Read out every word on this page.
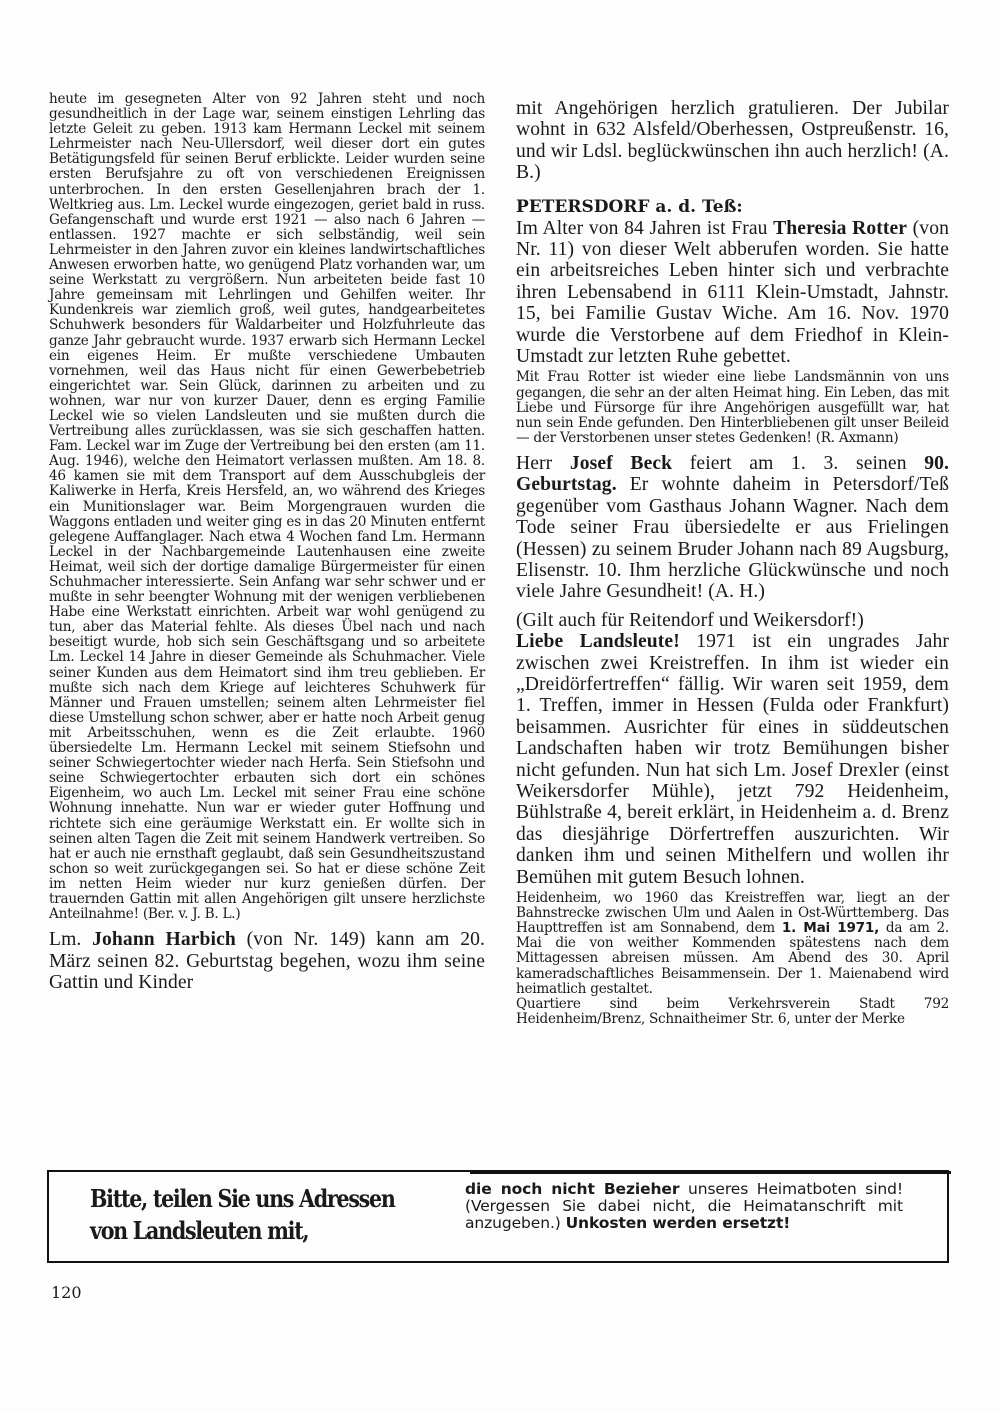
heute im gesegneten Alter von 92 Jahren steht und noch gesundheitlich in der Lage war, seinem einstigen Lehrling das letzte Geleit zu geben. 1913 kam Hermann Leckel mit seinem Lehrmeister nach Neu-Ullersdorf, weil dieser dort ein gutes Betätigungsfeld für seinen Beruf erblickte. Leider wurden seine ersten Berufsjahre zu oft von verschiedenen Ereignissen unterbrochen. In den ersten Gesellenjahren brach der 1. Weltkrieg aus. Lm. Leckel wurde eingezogen, geriet bald in russ. Gefangenschaft und wurde erst 1921 — also nach 6 Jahren — entlassen. 1927 machte er sich selbständig, weil sein Lehrmeister in den Jahren zuvor ein kleines landwirtschaftliches Anwesen erworben hatte, wo genügend Platz vorhanden war, um seine Werkstatt zu vergrößern. Nun arbeiteten beide fast 10 Jahre gemeinsam mit Lehrlingen und Gehilfen weiter. Ihr Kundenkreis war ziemlich groß, weil gutes, handgearbeitetes Schuhwerk besonders für Waldarbeiter und Holzfuhrleute das ganze Jahr gebraucht wurde. 1937 erwarb sich Hermann Leckel ein eigenes Heim. Er mußte verschiedene Umbauten vornehmen, weil das Haus nicht für einen Gewerbebetrieb eingerichtet war. Sein Glück, darinnen zu arbeiten und zu wohnen, war nur von kurzer Dauer, denn es erging Familie Leckel wie so vielen Landsleuten und sie mußten durch die Vertreibung alles zurücklassen, was sie sich geschaffen hatten. Fam. Leckel war im Zuge der Vertreibung bei den ersten (am 11. Aug. 1946), welche den Heimatort verlassen mußten. Am 18. 8. 46 kamen sie mit dem Transport auf dem Ausschubgleis der Kaliwerke in Herfa, Kreis Hersfeld, an, wo während des Krieges ein Munitionslager war. Beim Morgengrauen wurden die Waggons entladen und weiter ging es in das 20 Minuten entfernt gelegene Auffanglager. Nach etwa 4 Wochen fand Lm. Hermann Leckel in der Nachbargemeinde Lautenhausen eine zweite Heimat, weil sich der dortige damalige Bürgermeister für einen Schuhmacher interessierte. Sein Anfang war sehr schwer und er mußte in sehr beengter Wohnung mit der wenigen verbliebenen Habe eine Werkstatt einrichten. Arbeit war wohl genügend zu tun, aber das Material fehlte. Als dieses Übel nach und nach beseitigt wurde, hob sich sein Geschäftsgang und so arbeitete Lm. Leckel 14 Jahre in dieser Gemeinde als Schuhmacher. Viele seiner Kunden aus dem Heimatort sind ihm treu geblieben. Er mußte sich nach dem Kriege auf leichteres Schuhwerk für Männer und Frauen umstellen; seinem alten Lehrmeister fiel diese Umstellung schon schwer, aber er hatte noch Arbeit genug mit Arbeitsschuhen, wenn es die Zeit erlaubte. 1960 übersiedelte Lm. Hermann Leckel mit seinem Stiefsohn und seiner Schwiegertochter wieder nach Herfa. Sein Stiefsohn und seine Schwiegertochter erbauten sich dort ein schönes Eigenheim, wo auch Lm. Leckel mit seiner Frau eine schöne Wohnung innehatte. Nun war er wieder guter Hoffnung und richtete sich eine geräumige Werkstatt ein. Er wollte sich in seinen alten Tagen die Zeit mit seinem Handwerk vertreiben. So hat er auch nie ernsthaft geglaubt, daß sein Gesundheitszustand schon so weit zurückgegangen sei. So hat er diese schöne Zeit im netten Heim wieder nur kurz genießen dürfen. Der trauernden Gattin mit allen Angehörigen gilt unsere herzlichste Anteilnahme! (Ber. v. J. B. L.)

Lm. Johann Harbich (von Nr. 149) kann am 20. März seinen 82. Geburtstag begehen, wozu ihm seine Gattin und Kinder

mit Angehörigen herzlich gratulieren. Der Jubilar wohnt in 632 Alsfeld/Oberhessen, Ostpreußenstr. 16, und wir Ldsl. beglückwünschen ihn auch herzlich! (A. B.)

PETERSDORF a. d. Teß:

Im Alter von 84 Jahren ist Frau Theresia Rotter (von Nr. 11) von dieser Welt abberufen worden. Sie hatte ein arbeitsreiches Leben hinter sich und verbrachte ihren Lebensabend in 6111 Klein-Umstadt, Jahnstr. 15, bei Familie Gustav Wiche. Am 16. Nov. 1970 wurde die Verstorbene auf dem Friedhof in Klein-Umstadt zur letzten Ruhe gebettet.

Mit Frau Rotter ist wieder eine liebe Landsmännin von uns gegangen, die sehr an der alten Heimat hing. Ein Leben, das mit Liebe und Fürsorge für ihre Angehörigen ausgefüllt war, hat nun sein Ende gefunden. Den Hinterbliebenen gilt unser Beileid — der Verstorbenen unser stetes Gedenken! (R. Axmann)

Herr Josef Beck feiert am 1. 3. seinen 90. Geburtstag. Er wohnte daheim in Petersdorf/Teß gegenüber vom Gasthaus Johann Wagner. Nach dem Tode seiner Frau übersiedelte er aus Frielingen (Hessen) zu seinem Bruder Johann nach 89 Augsburg, Elisenstr. 10. Ihm herzliche Glückwünsche und noch viele Jahre Gesundheit! (A. H.)

(Gilt auch für Reitendorf und Weikersdorf!)

Liebe Landsleute! 1971 ist ein ungrades Jahr zwischen zwei Kreistreffen. In ihm ist wieder ein „Dreidörfertreffen“ fällig. Wir waren seit 1959, dem 1. Treffen, immer in Hessen (Fulda oder Frankfurt) beisammen. Ausrichter für eines in süddeutschen Landschaften haben wir trotz Bemühungen bisher nicht gefunden. Nun hat sich Lm. Josef Drexler (einst Weikersdorfer Mühle), jetzt 792 Heidenheim, Bühlstraße 4, bereit erklärt, in Heidenheim a. d. Brenz das diesjährige Dörfertreffen auszurichten. Wir danken ihm und seinen Mithelfern und wollen ihr Bemühen mit gutem Besuch lohnen.

Heidenheim, wo 1960 das Kreistreffen war, liegt an der Bahnstrecke zwischen Ulm und Aalen in Ost-Württemberg. Das Haupttreffen ist am Sonnabend, dem 1. Mai 1971, da am 2. Mai die von weither Kommenden spätestens nach dem Mittagessen abreisen müssen. Am Abend des 30. April kameradschaftliches Beisammensein. Der 1. Maienabend wird heimatlich gestaltet.

Quartiere sind beim Verkehrsverein Stadt 792 Heidenheim/Brenz, Schnaitheimer Str. 6, unter der Merke

Bitte, teilen Sie uns Adressen
von Landsleuten mit,
die noch nicht Bezieher unseres Heimatboten sind! (Vergessen Sie dabei nicht, die Heimatanschrift mit anzugeben.) Unkosten werden ersetzt!
120
